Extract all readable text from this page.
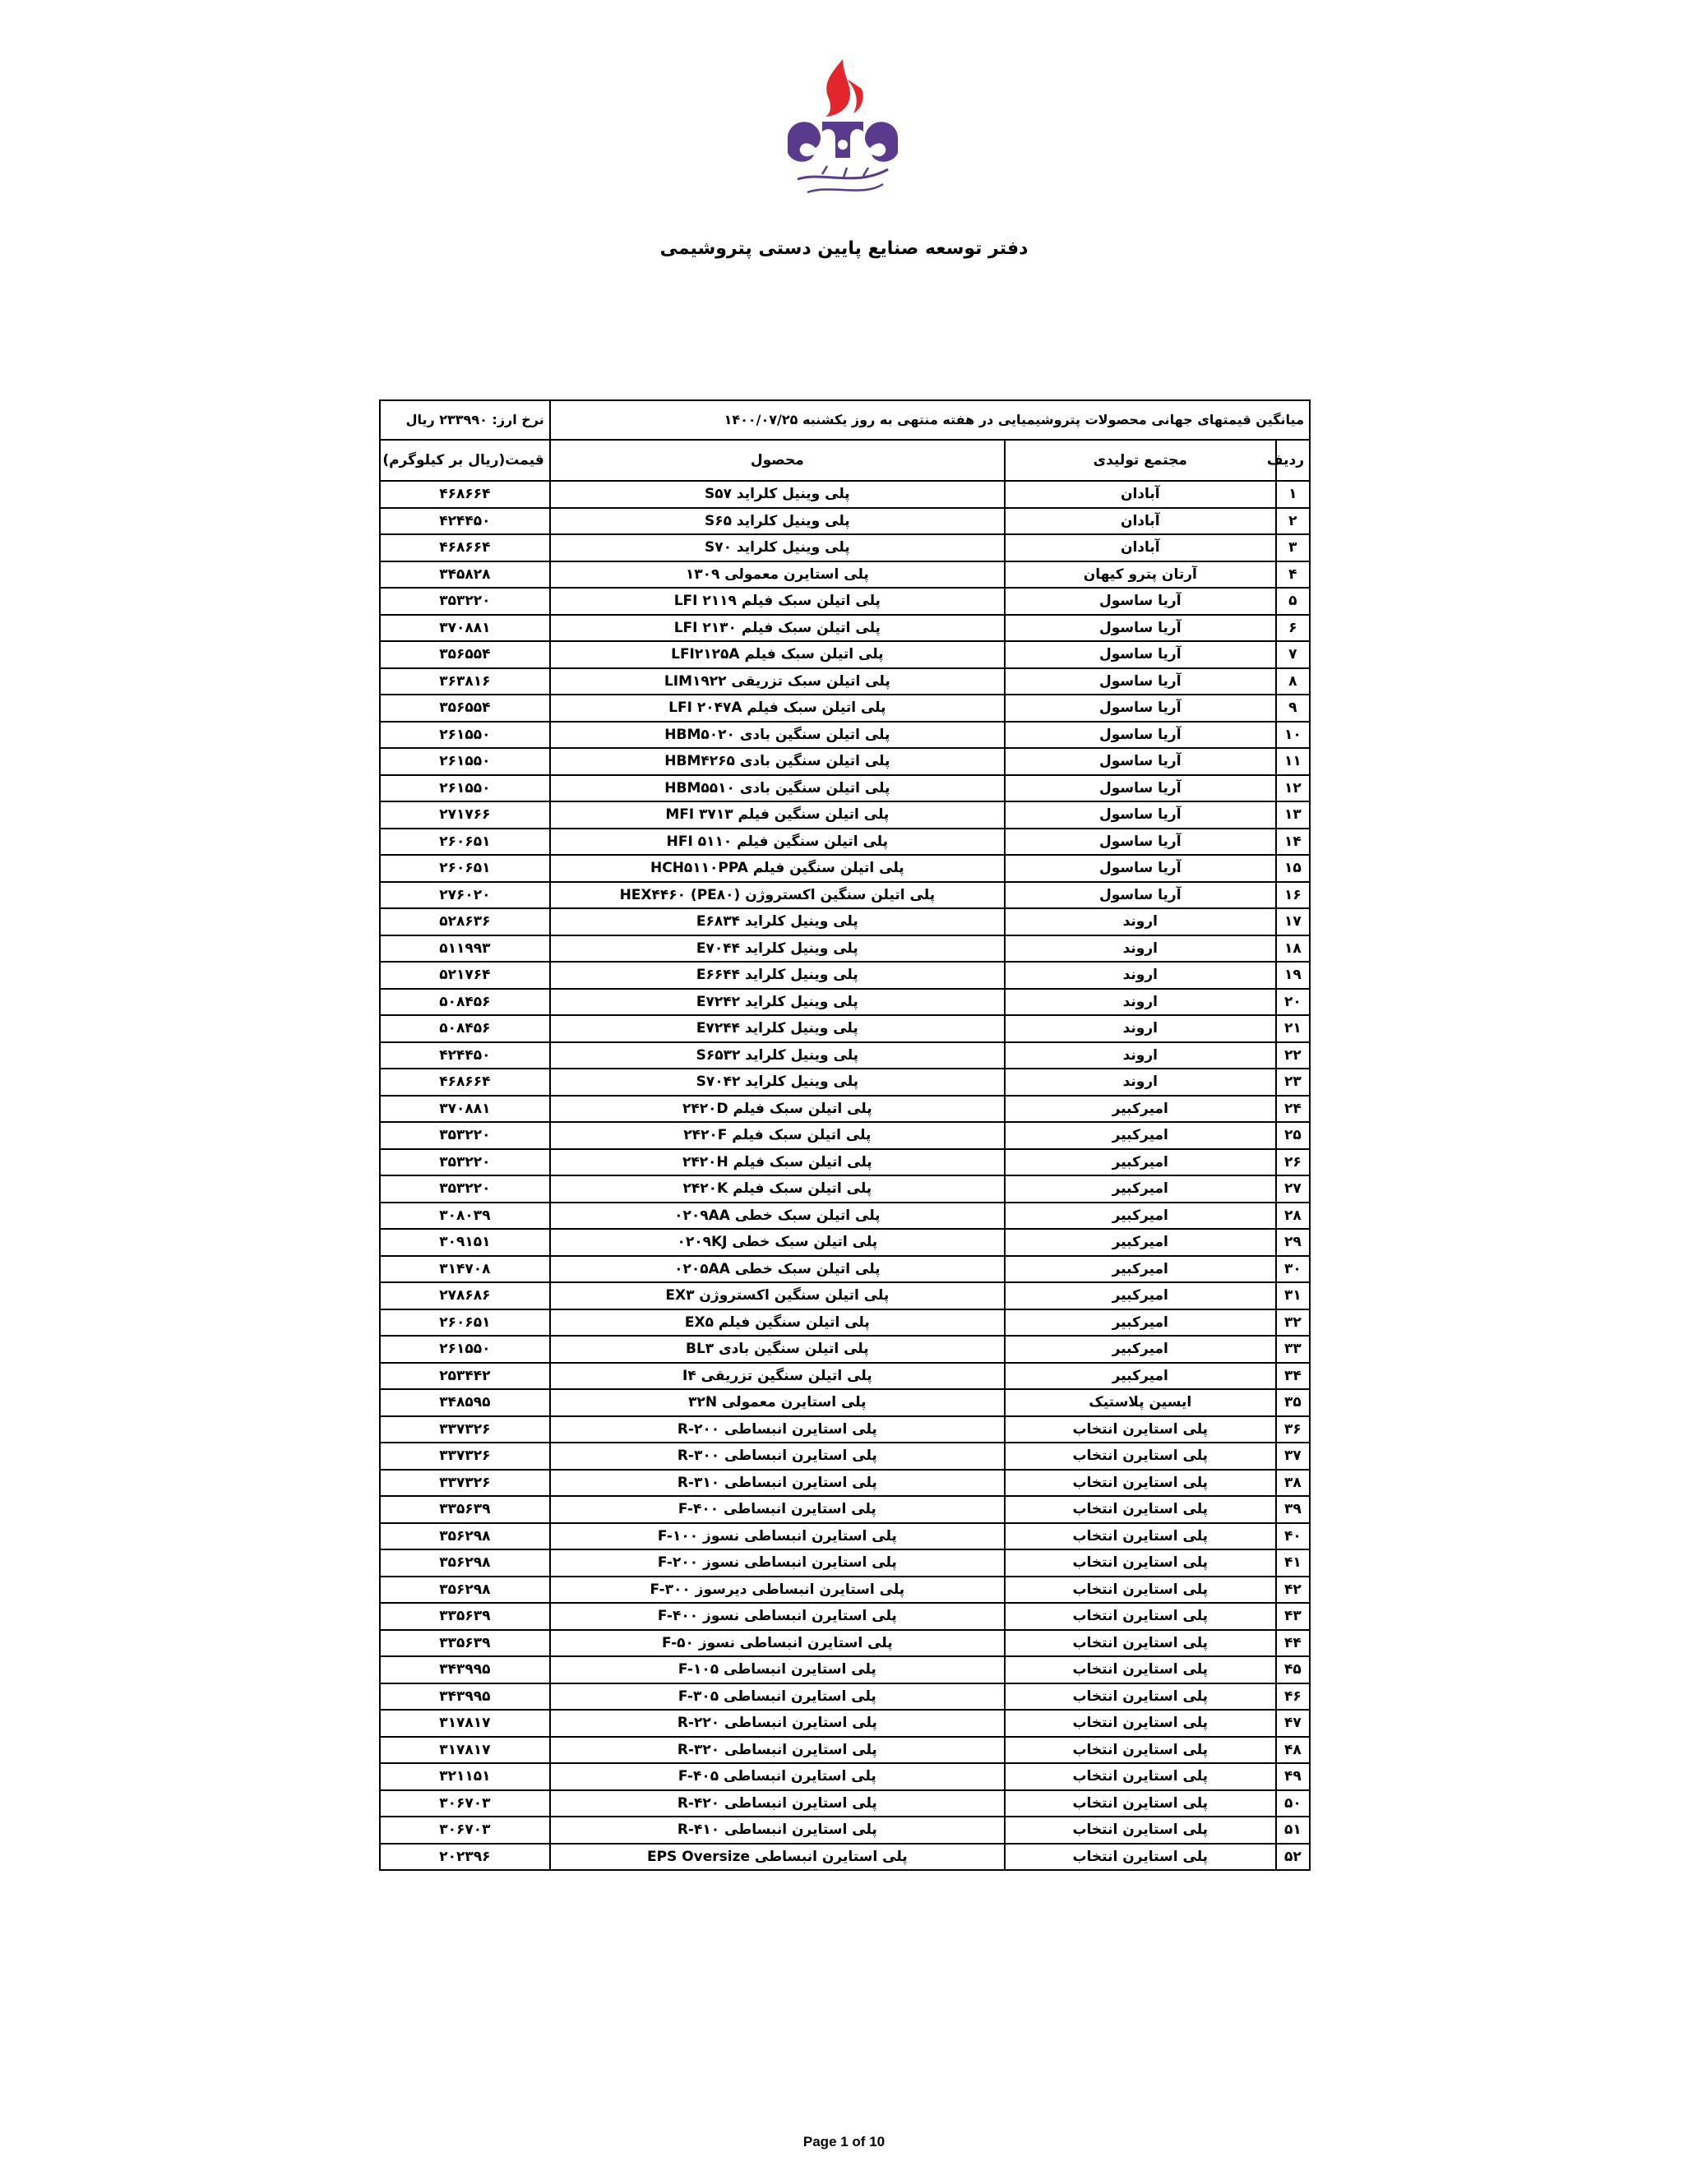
دفتر توسعه صنایع پایین دستی پتروشیمی
میانگین قیمتهای جهانی محصولات پتروشیمیایی در هفته منتهی به روز یکشنبه ۱۴۰۰/۰۷/۲۵			نرخ ارز: ۲۳۳۹۹۰ ریال
ردیف	مجتمع تولیدی	محصول	قیمت(ریال بر کیلوگرم)
۱	آبادان	پلی وینیل کلراید S۵۷	۴۶۸۶۶۴
۲	آبادان	پلی وینیل کلراید S۶۵	۴۲۴۴۵۰
۳	آبادان	پلی وینیل کلراید S۷۰	۴۶۸۶۶۴
۴	آرتان پترو کیهان	پلی استایرن معمولی ۱۳۰۹	۳۴۵۸۲۸
۵	آریا ساسول	پلی اتیلن سبک فیلم ۲۱۱۹ LFI	۳۵۳۲۲۰
۶	آریا ساسول	پلی اتیلن سبک فیلم ۲۱۳۰ LFI	۳۷۰۸۸۱
۷	آریا ساسول	پلی اتیلن سبک فیلم LFI۲۱۲۵A	۳۵۶۵۵۴
۸	آریا ساسول	پلی اتیلن سبک تزریقی LIM۱۹۲۲	۳۶۳۸۱۶
۹	آریا ساسول	پلی اتیلن سبک فیلم LFI ۲۰۴۷A	۳۵۶۵۵۴
۱۰	آریا ساسول	پلی اتیلن سنگین بادی HBM۵۰۲۰	۲۶۱۵۵۰
۱۱	آریا ساسول	پلی اتیلن سنگین بادی HBM۴۲۶۵	۲۶۱۵۵۰
۱۲	آریا ساسول	پلی اتیلن سنگین بادی HBM۵۵۱۰	۲۶۱۵۵۰
۱۳	آریا ساسول	پلی اتیلن سنگین فیلم MFI ۳۷۱۳	۲۷۱۷۶۶
۱۴	آریا ساسول	پلی اتیلن سنگین فیلم HFI ۵۱۱۰	۲۶۰۶۵۱
۱۵	آریا ساسول	پلی اتیلن سنگین فیلم HCH۵۱۱۰PPA	۲۶۰۶۵۱
۱۶	آریا ساسول	پلی اتیلن سنگین اکستروژن (PE۸۰) HEX۴۴۶۰	۲۷۶۰۲۰
۱۷	اروند	پلی وینیل کلراید E۶۸۳۴	۵۲۸۶۳۶
۱۸	اروند	پلی وینیل کلراید E۷۰۴۴	۵۱۱۹۹۳
۱۹	اروند	پلی وینیل کلراید E۶۶۴۴	۵۲۱۷۶۴
۲۰	اروند	پلی وینیل کلراید E۷۲۴۲	۵۰۸۴۵۶
۲۱	اروند	پلی وینیل کلراید E۷۲۴۴	۵۰۸۴۵۶
۲۲	اروند	پلی وینیل کلراید S۶۵۳۲	۴۲۴۴۵۰
۲۳	اروند	پلی وینیل کلراید S۷۰۴۲	۴۶۸۶۶۴
۲۴	امیرکبیر	پلی اتیلن سبک فیلم ۲۴۲۰D	۳۷۰۸۸۱
۲۵	امیرکبیر	پلی اتیلن سبک فیلم ۲۴۲۰F	۳۵۳۲۲۰
۲۶	امیرکبیر	پلی اتیلن سبک فیلم ۲۴۲۰H	۳۵۳۲۲۰
۲۷	امیرکبیر	پلی اتیلن سبک فیلم ۲۴۲۰K	۳۵۳۲۲۰
۲۸	امیرکبیر	پلی اتیلن سبک خطی ۰۲۰۹AA	۳۰۸۰۳۹
۲۹	امیرکبیر	پلی اتیلن سبک خطی ۰۲۰۹KJ	۳۰۹۱۵۱
۳۰	امیرکبیر	پلی اتیلن سبک خطی ۰۲۰۵AA	۳۱۴۷۰۸
۳۱	امیرکبیر	پلی اتیلن سنگین اکستروژن EX۳	۲۷۸۶۸۶
۳۲	امیرکبیر	پلی اتیلن سنگین فیلم EX۵	۲۶۰۶۵۱
۳۳	امیرکبیر	پلی اتیلن سنگین بادی BL۳	۲۶۱۵۵۰
۳۴	امیرکبیر	پلی اتیلن سنگین تزریقی I۴	۲۵۳۴۴۲
۳۵	ایسین پلاستیک	پلی استایرن معمولی ۳۲N	۳۴۸۵۹۵
۳۶	پلی استایرن انتخاب	پلی استایرن انبساطی R-۲۰۰	۳۳۷۳۲۶
۳۷	پلی استایرن انتخاب	پلی استایرن انبساطی R-۳۰۰	۳۳۷۳۲۶
۳۸	پلی استایرن انتخاب	پلی استایرن انبساطی R-۳۱۰	۳۳۷۳۲۶
۳۹	پلی استایرن انتخاب	پلی استایرن انبساطی F-۴۰۰	۳۳۵۶۳۹
۴۰	پلی استایرن انتخاب	پلی استایرن انبساطی نسوز F-۱۰۰	۳۵۶۲۹۸
۴۱	پلی استایرن انتخاب	پلی استایرن انبساطی نسوز F-۲۰۰	۳۵۶۲۹۸
۴۲	پلی استایرن انتخاب	پلی استایرن انبساطی دیرسوز F-۳۰۰	۳۵۶۲۹۸
۴۳	پلی استایرن انتخاب	پلی استایرن انبساطی نسوز F-۴۰۰	۳۳۵۶۳۹
۴۴	پلی استایرن انتخاب	پلی استایرن انبساطی نسوز F-۵۰	۳۳۵۶۳۹
۴۵	پلی استایرن انتخاب	پلی استایرن انبساطی F-۱۰۵	۳۴۳۹۹۵
۴۶	پلی استایرن انتخاب	پلی استایرن انبساطی F-۳۰۵	۳۴۳۹۹۵
۴۷	پلی استایرن انتخاب	پلی استایرن انبساطی R-۲۲۰	۳۱۷۸۱۷
۴۸	پلی استایرن انتخاب	پلی استایرن انبساطی R-۳۲۰	۳۱۷۸۱۷
۴۹	پلی استایرن انتخاب	پلی استایرن انبساطی F-۴۰۵	۳۲۱۱۵۱
۵۰	پلی استایرن انتخاب	پلی استایرن انبساطی R-۴۲۰	۳۰۶۷۰۳
۵۱	پلی استایرن انتخاب	پلی استایرن انبساطی R-۴۱۰	۳۰۶۷۰۳
۵۲	پلی استایرن انتخاب	پلی استایرن انبساطی EPS Oversize	۲۰۲۳۹۶
Page 1 of 10
